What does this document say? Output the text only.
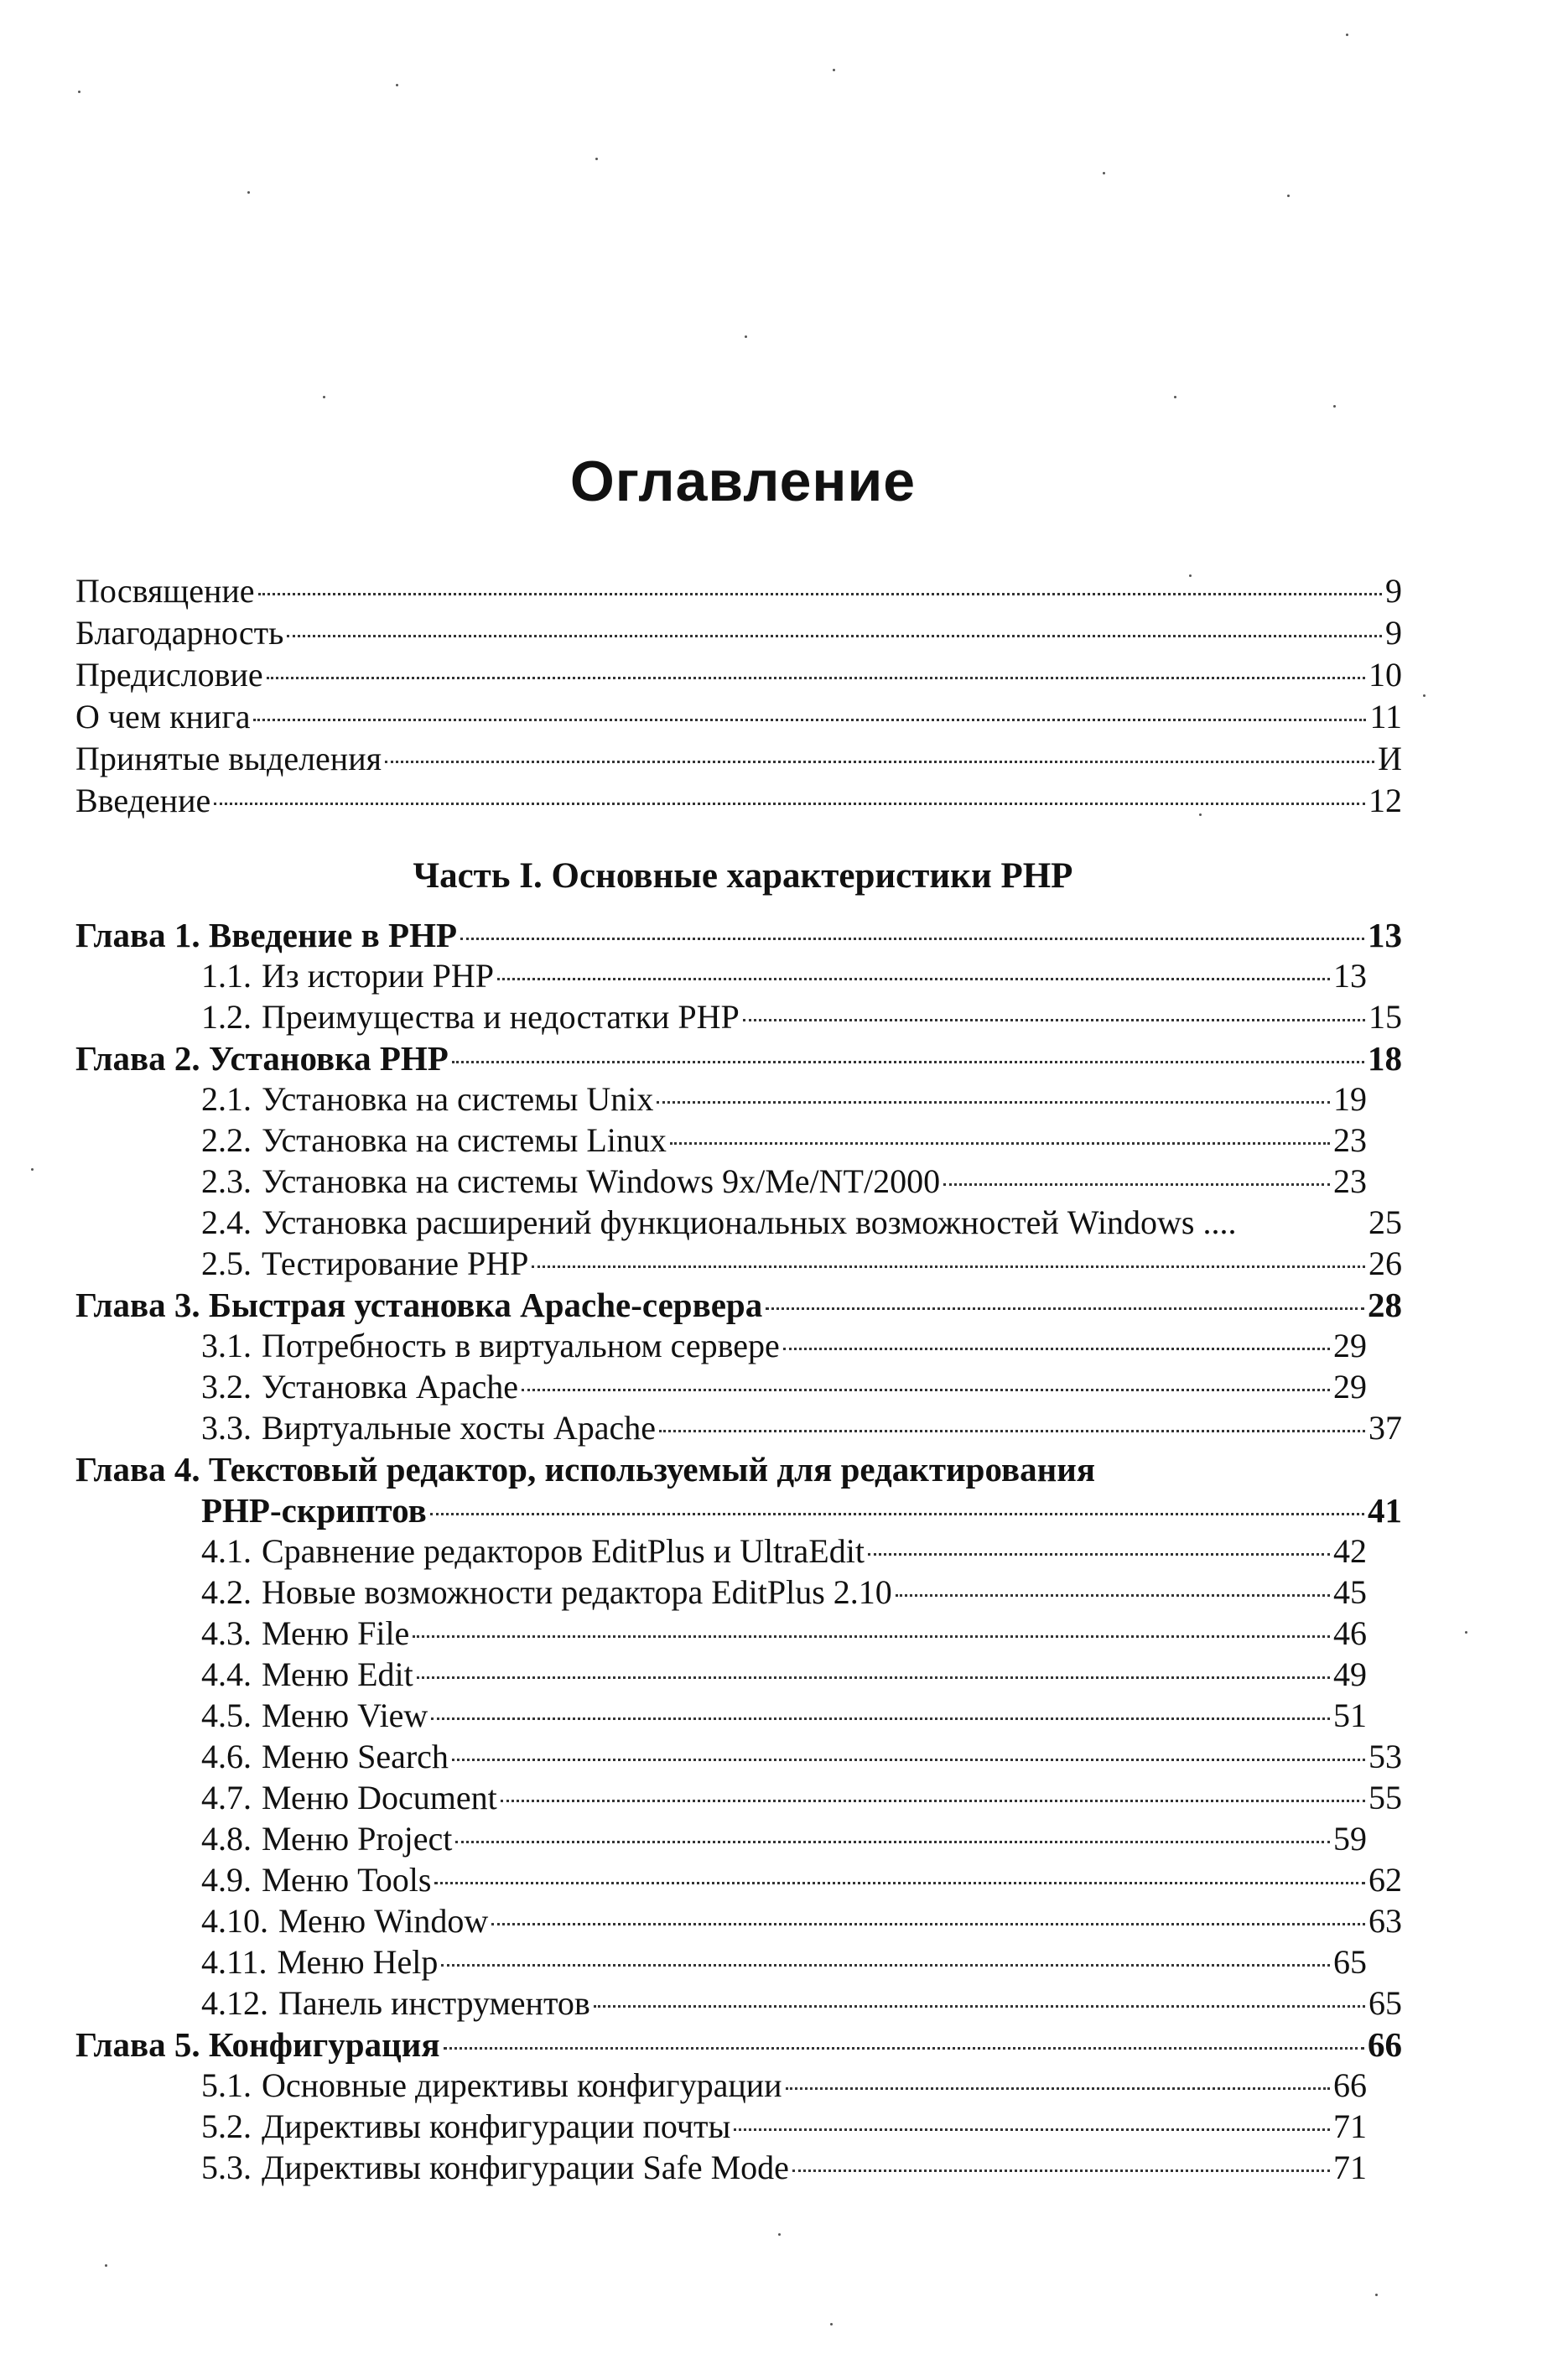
Оглавление
Посвящение	9
Благодарность	9
Предисловие	10
О чем книга	11
Принятые выделения	И
Введение	12
Часть I. Основные характеристики PHP
Глава 1. Введение в PHP	13
1.1. Из истории PHP	13
1.2. Преимущества и недостатки PHP	15
Глава 2. Установка PHP	18
2.1. Установка на системы Unix	19
2.2. Установка на системы Linux	23
2.3. Установка на системы Windows 9x/Me/NT/2000	23
2.4. Установка расширений функциональных возможностей Windows ....	25
2.5. Тестирование PHP	26
Глава 3. Быстрая установка Apache-сервера	28
3.1. Потребность в виртуальном сервере	29
3.2. Установка Apache	29
3.3. Виртуальные хосты Apache	37
Глава 4. Текстовый редактор, используемый для редактирования
PHP-скриптов	41
4.1. Сравнение редакторов EditPlus и UltraEdit	42
4.2. Новые возможности редактора EditPlus 2.10	45
4.3. Меню File	46
4.4. Меню Edit	49
4.5. Меню View	51
4.6. Меню Search	53
4.7. Меню Document	55
4.8. Меню Project	59
4.9. Меню Tools	62
4.10. Меню Window	63
4.11. Меню Help	65
4.12. Панель инструментов	65
Глава 5. Конфигурация	66
5.1. Основные директивы конфигурации	66
5.2. Директивы конфигурации почты	71
5.3. Директивы конфигурации Safe Mode	71
